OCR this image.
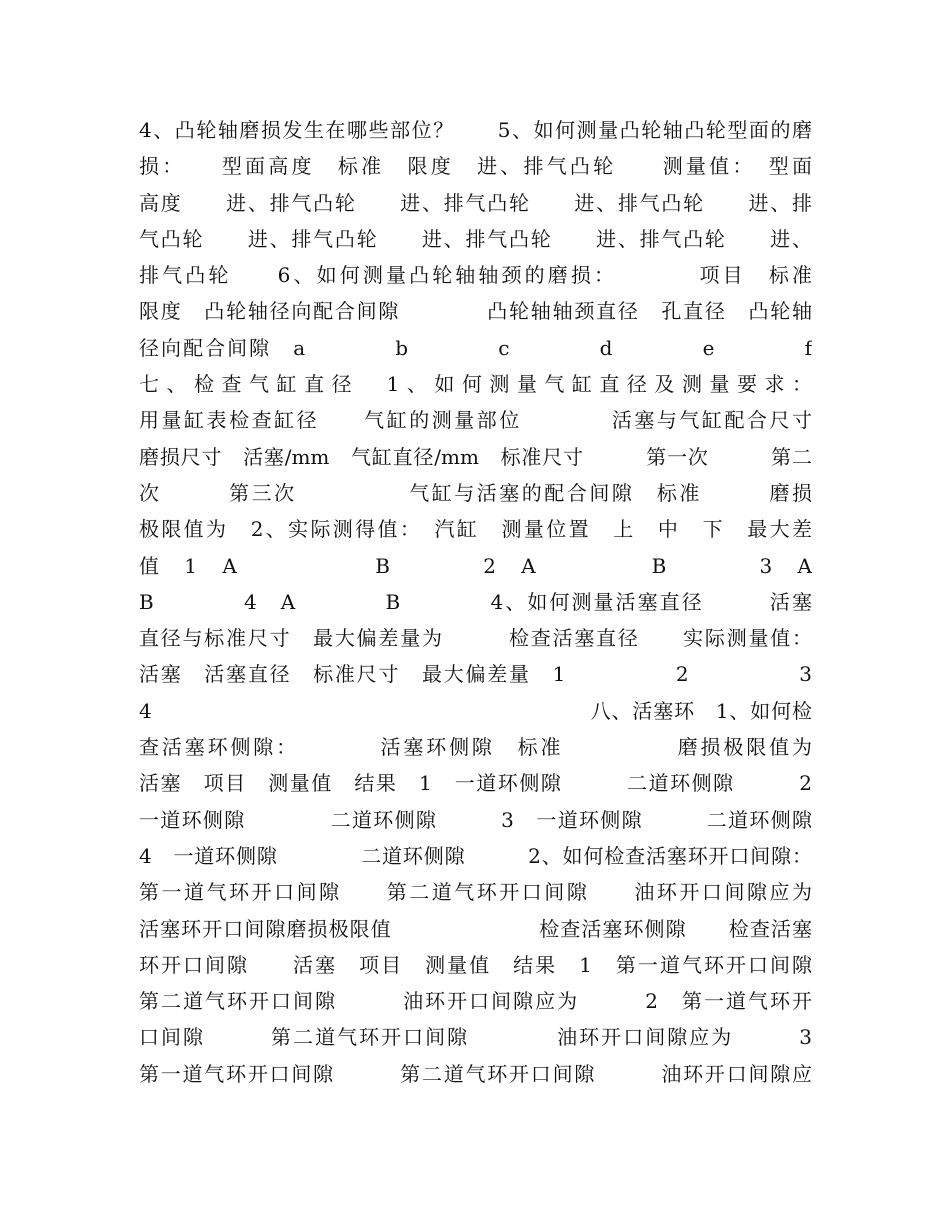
4、凸轮轴磨损发生在哪些部位？　　5、如何测量凸轮轴凸轮型面的磨
损：　　型面高度　标准　限度　进、排气凸轮　　测量值：　型面
高度　　进、排气凸轮　　进、排气凸轮　　进、排气凸轮　　进、排
气凸轮　　进、排气凸轮　　进、排气凸轮　　进、排气凸轮　　进、
排气凸轮　　6、如何测量凸轮轴轴颈的磨损：　　　　项目　标准
限度　凸轮轴径向配合间隙　　　　凸轮轴轴颈直径　孔直径　凸轮轴
径向配合间隙　a　　　　b　　　　c　　　　d　　　　e　　　　f
七、检查气缸直径　1、如何测量气缸直径及测量要求：
用量缸表检查缸径　　气缸的测量部位　　　　活塞与气缸配合尺寸
磨损尺寸　活塞/mm　气缸直径/mm　标准尺寸　　　第一次　　　第二
次　　　第三次　　　　　气缸与活塞的配合间隙　标准　　　磨损
极限值为　2、实际测得值：　汽缸　测量位置　上　中　下　最大差
值　1　A　　　　　　B　　　　2　A　　　　　B　　　　3　A
B　　　　4　A　　　　B　　　　4、如何测量活塞直径　　　活塞
直径与标准尺寸　最大偏差量为　　　检查活塞直径　　实际测量值：
活塞　活塞直径　标准尺寸　最大偏差量　1　　　　　2　　　　　3
4　　　　　　　　　　　　　　　　　　　　　八、活塞环　1、如何检
查活塞环侧隙：　　　　活塞环侧隙　标准　　　　　磨损极限值为
活塞　项目　测量值　结果　1　一道环侧隙　　　二道环侧隙　　　2
一道环侧隙　　　　二道环侧隙　　　3　一道环侧隙　　　二道环侧隙
4　一道环侧隙　　　　二道环侧隙　　　2、如何检查活塞环开口间隙：
第一道气环开口间隙　　第二道气环开口间隙　　油环开口间隙应为
活塞环开口间隙磨损极限值　　　　　　　检查活塞环侧隙　　检查活塞
环开口间隙　　活塞　项目　测量值　结果　1　第一道气环开口间隙
第二道气环开口间隙　　　油环开口间隙应为　　　2　第一道气环开
口间隙　　　第二道气环开口间隙　　　　油环开口间隙应为　　　3
第一道气环开口间隙　　　第二道气环开口间隙　　　油环开口间隙应
